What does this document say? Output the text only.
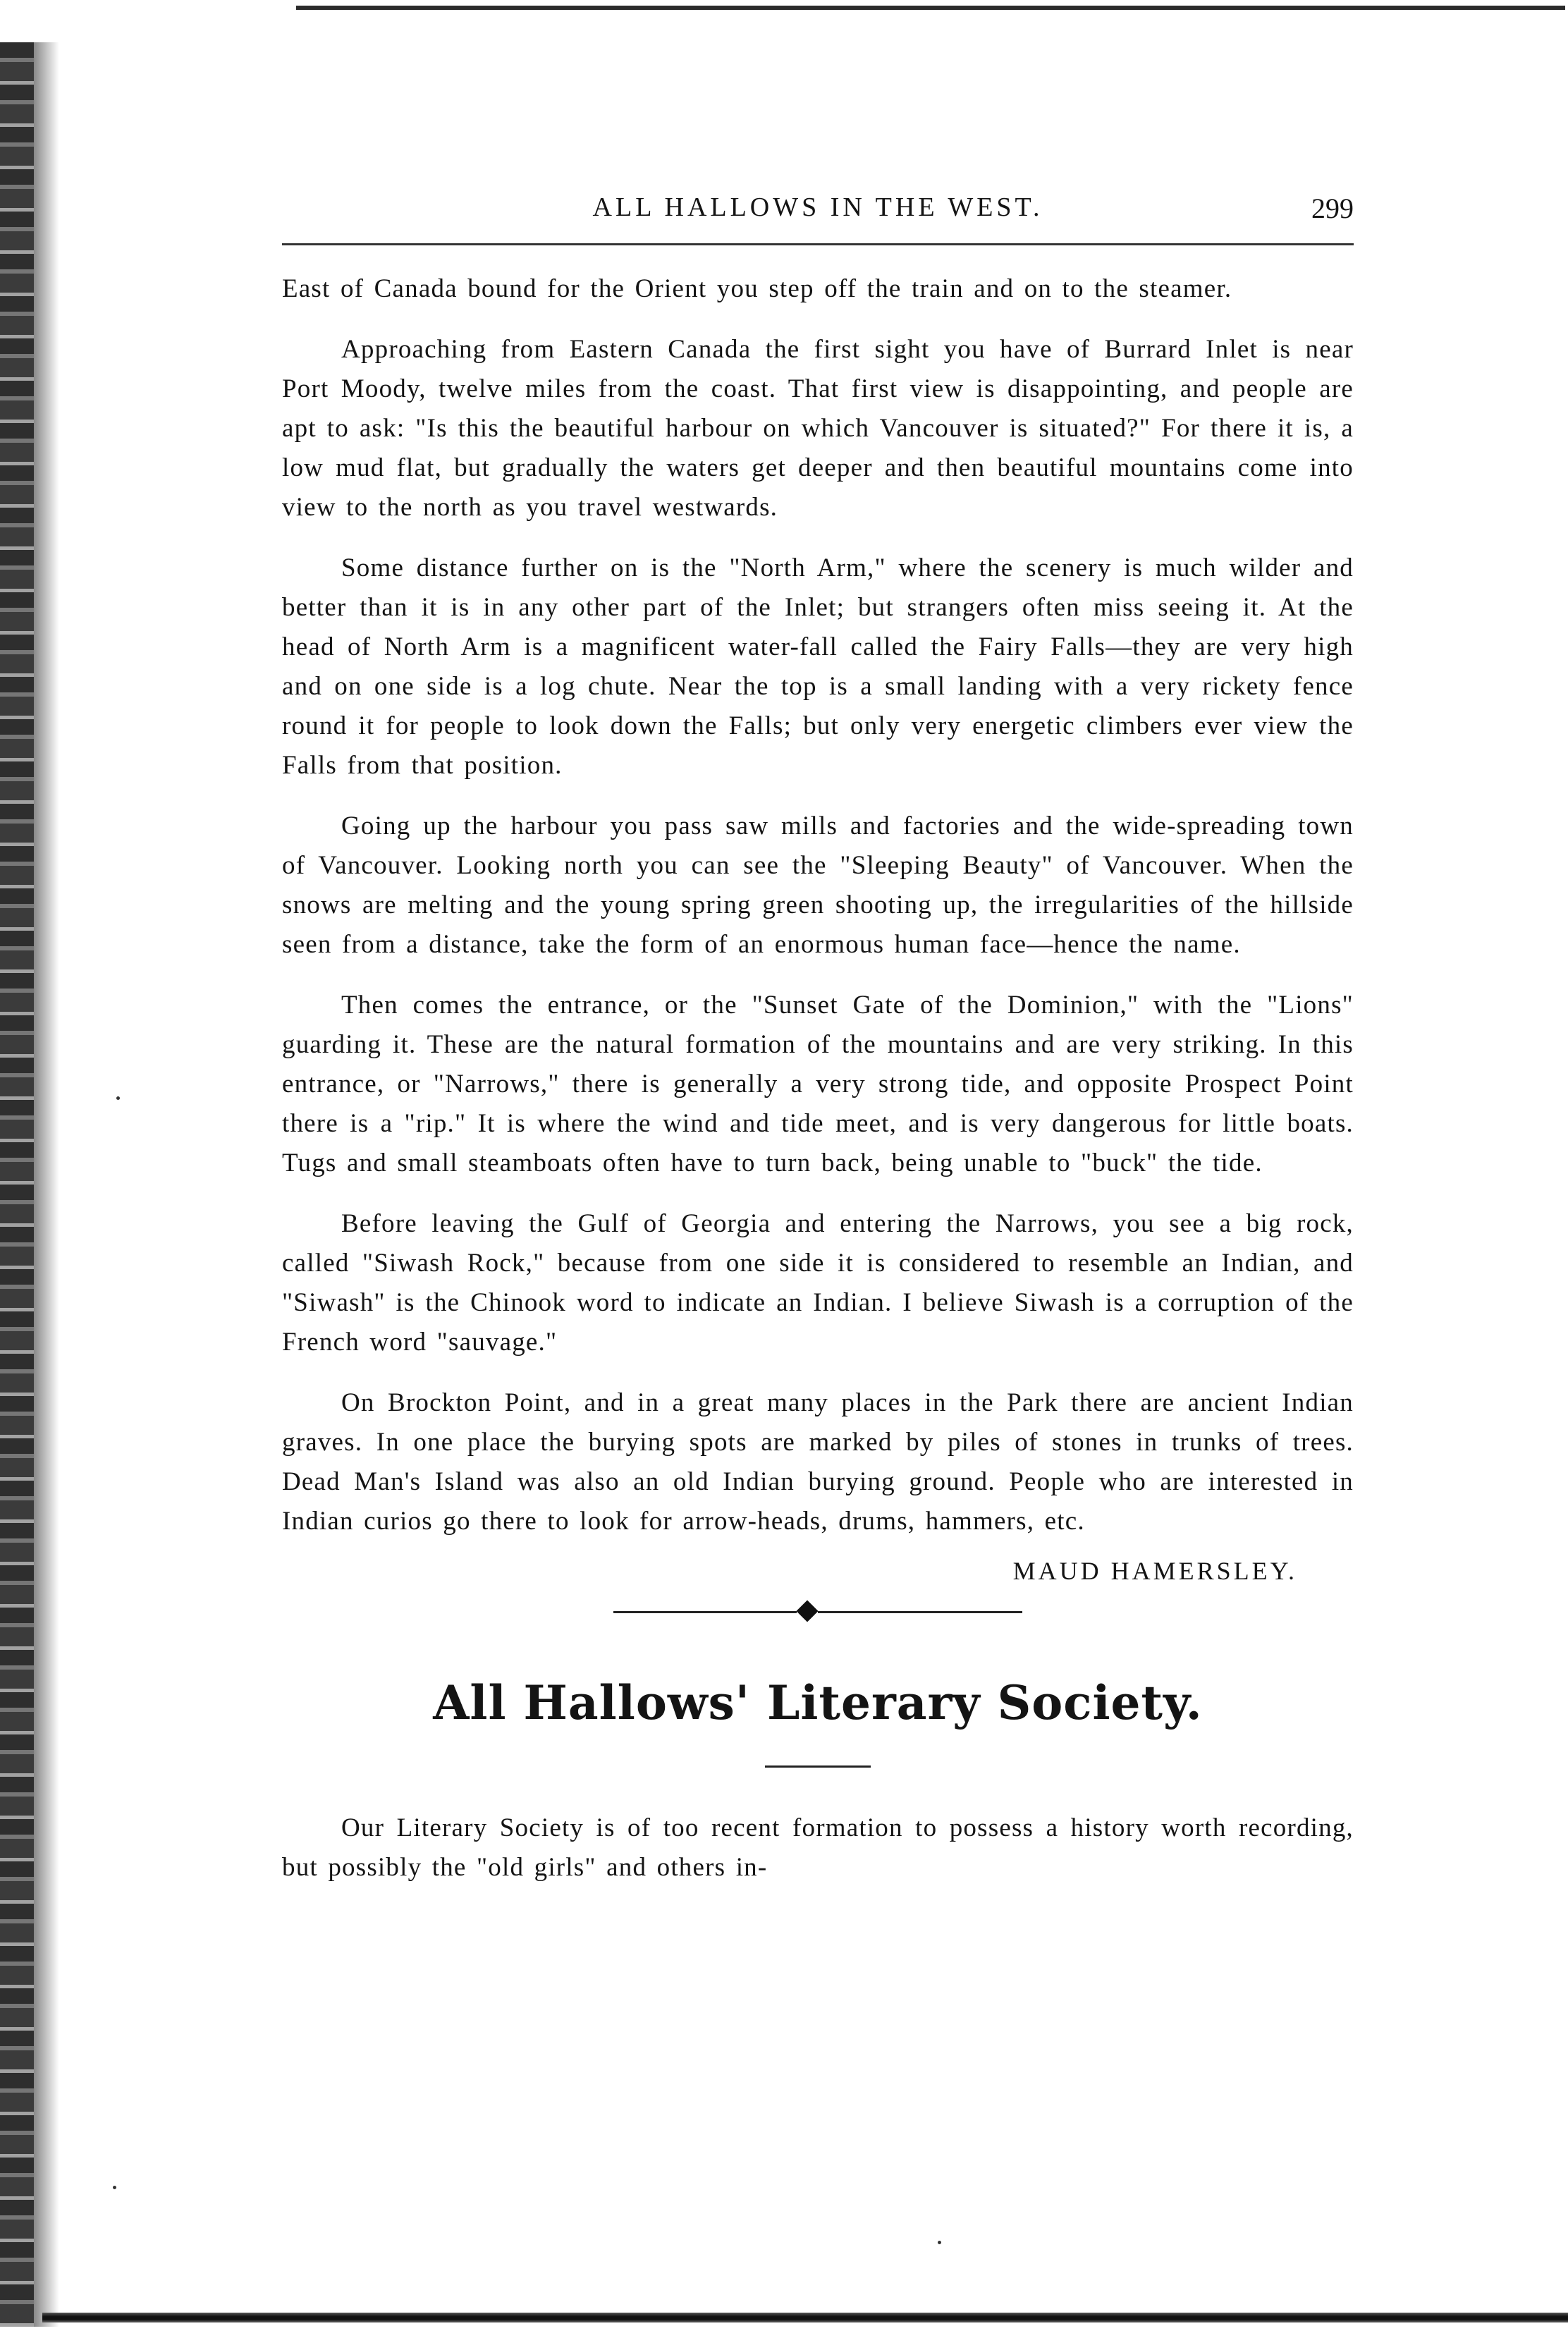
ALL HALLOWS IN THE WEST.	299

East of Canada bound for the Orient you step off the train and on to the steamer.

Approaching from Eastern Canada the first sight you have of Burrard Inlet is near Port Moody, twelve miles from the coast. That first view is disappointing, and people are apt to ask: "Is this the beautiful harbour on which Vancouver is situated?" For there it is, a low mud flat, but gradually the waters get deeper and then beautiful mountains come into view to the north as you travel westwards.

Some distance further on is the "North Arm," where the scenery is much wilder and better than it is in any other part of the Inlet; but strangers often miss seeing it. At the head of North Arm is a magnificent water-fall called the Fairy Falls—they are very high and on one side is a log chute. Near the top is a small landing with a very rickety fence round it for people to look down the Falls; but only very energetic climbers ever view the Falls from that position.

Going up the harbour you pass saw mills and factories and the wide-spreading town of Vancouver. Looking north you can see the "Sleeping Beauty" of Vancouver. When the snows are melting and the young spring green shooting up, the irregularities of the hillside seen from a distance, take the form of an enormous human face—hence the name.

Then comes the entrance, or the "Sunset Gate of the Dominion," with the "Lions" guarding it. These are the natural formation of the mountains and are very striking. In this entrance, or "Narrows," there is generally a very strong tide, and opposite Prospect Point there is a "rip." It is where the wind and tide meet, and is very dangerous for little boats. Tugs and small steamboats often have to turn back, being unable to "buck" the tide.

Before leaving the Gulf of Georgia and entering the Narrows, you see a big rock, called "Siwash Rock," because from one side it is considered to resemble an Indian, and "Siwash" is the Chinook word to indicate an Indian. I believe Siwash is a corruption of the French word "sauvage."

On Brockton Point, and in a great many places in the Park there are ancient Indian graves. In one place the burying spots are marked by piles of stones in trunks of trees. Dead Man's Island was also an old Indian burying ground. People who are interested in Indian curios go there to look for arrow-heads, drums, hammers, etc.

MAUD HAMERSLEY.
All Hallows' Literary Society.

Our Literary Society is of too recent formation to possess a history worth recording, but possibly the "old girls" and others in-
